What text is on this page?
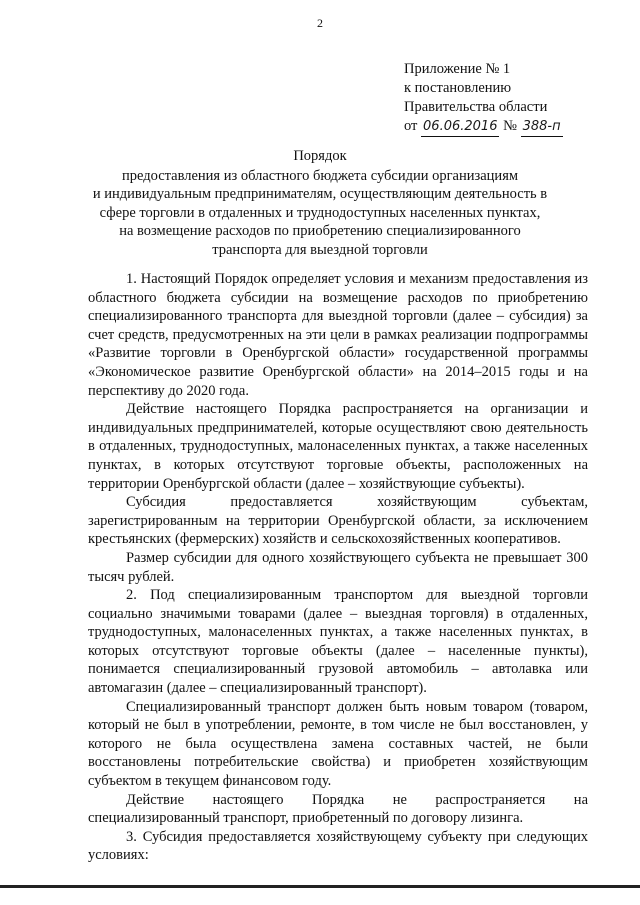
2
Приложение № 1
к постановлению
Правительства области
от 06.06.2016 № 388-п
Порядок
предоставления из областного бюджета субсидии организациям
и индивидуальным предпринимателям, осуществляющим деятельность в
сфере торговли в отдаленных и труднодоступных населенных пунктах,
на возмещение расходов по приобретению специализированного
транспорта для выездной торговли

1. Настоящий Порядок определяет условия и механизм предоставления из областного бюджета субсидии на возмещение расходов по приобретению специализированного транспорта для выездной торговли (далее – субсидия) за счет средств, предусмотренных на эти цели в рамках реализации подпрограммы «Развитие торговли в Оренбургской области» государственной программы «Экономическое развитие Оренбургской области» на 2014–2015 годы и на перспективу до 2020 года.

Действие настоящего Порядка распространяется на организации и индивидуальных предпринимателей, которые осуществляют свою деятельность в отдаленных, труднодоступных, малонаселенных пунктах, а также населенных пунктах, в которых отсутствуют торговые объекты, расположенных на территории Оренбургской области (далее – хозяйствующие субъекты).

Субсидия предоставляется хозяйствующим субъектам, зарегистрированным на территории Оренбургской области, за исключением крестьянских (фермерских) хозяйств и сельскохозяйственных кооперативов.

Размер субсидии для одного хозяйствующего субъекта не превышает 300 тысяч рублей.

2. Под специализированным транспортом для выездной торговли социально значимыми товарами (далее – выездная торговля) в отдаленных, труднодоступных, малонаселенных пунктах, а также населенных пунктах, в которых отсутствуют торговые объекты (далее – населенные пункты), понимается специализированный грузовой автомобиль – автолавка или автомагазин (далее – специализированный транспорт).

Специализированный транспорт должен быть новым товаром (товаром, который не был в употреблении, ремонте, в том числе не был восстановлен, у которого не была осуществлена замена составных частей, не были восстановлены потребительские свойства) и приобретен хозяйствующим субъектом в текущем финансовом году.

Действие настоящего Порядка не распространяется на специализированный транспорт, приобретенный по договору лизинга.

3. Субсидия предоставляется хозяйствующему субъекту при следующих условиях:
